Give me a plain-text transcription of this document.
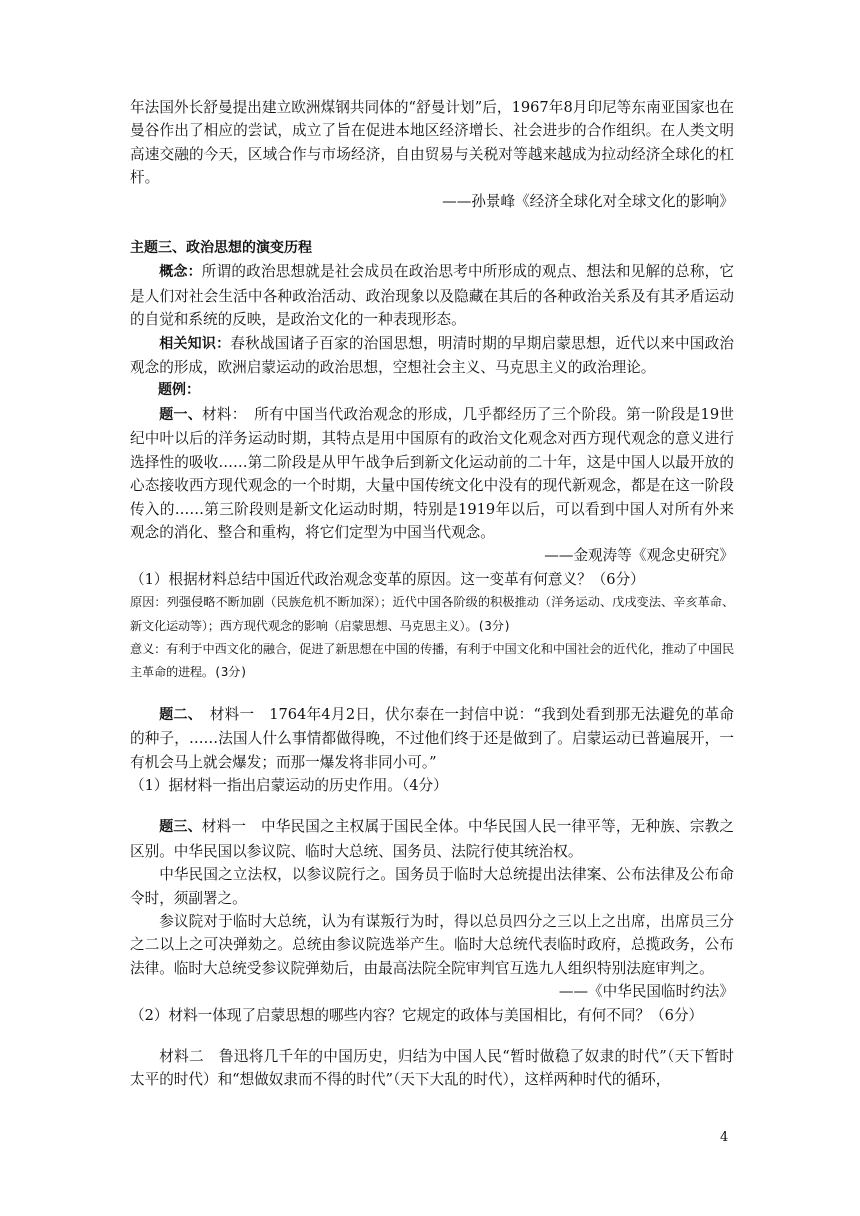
年法国外长舒曼提出建立欧洲煤钢共同体的“舒曼计划”后，1967年8月印尼等东南亚国家也在曼谷作出了相应的尝试，成立了旨在促进本地区经济增长、社会进步的合作组织。在人类文明高速交融的今天，区域合作与市场经济，自由贸易与关税对等越来越成为拉动经济全球化的杠杆。

——孙景峰《经济全球化对全球文化的影响》

主题三、政治思想的演变历程

概念：所谓的政治思想就是社会成员在政治思考中所形成的观点、想法和见解的总称，它是人们对社会生活中各种政治活动、政治现象以及隐藏在其后的各种政治关系及有其矛盾运动的自觉和系统的反映，是政治文化的一种表现形态。

相关知识：春秋战国诸子百家的治国思想，明清时期的早期启蒙思想，近代以来中国政治观念的形成，欧洲启蒙运动的政治思想，空想社会主义、马克思主义的政治理论。

题例：

题一、材料：　所有中国当代政治观念的形成，几乎都经历了三个阶段。第一阶段是19世纪中叶以后的洋务运动时期，其特点是用中国原有的政治文化观念对西方现代观念的意义进行选择性的吸收……第二阶段是从甲午战争后到新文化运动前的二十年，这是中国人以最开放的心态接收西方现代观念的一个时期，大量中国传统文化中没有的现代新观念，都是在这一阶段传入的……第三阶段则是新文化运动时期，特别是1919年以后，可以看到中国人对所有外来观念的消化、整合和重构，将它们定型为中国当代观念。

——金观涛等《观念史研究》

（1）根据材料总结中国近代政治观念变革的原因。这一变革有何意义？（6分）

原因：列强侵略不断加剧（民族危机不断加深）；近代中国各阶级的积极推动（洋务运动、戊戌变法、辛亥革命、新文化运动等）；西方现代观念的影响（启蒙思想、马克思主义）。(3分)

意义：有利于中西文化的融合，促进了新思想在中国的传播，有利于中国文化和中国社会的近代化，推动了中国民主革命的进程。(3分)

题二、　材料一　1764年4月2日，伏尔泰在一封信中说：“我到处看到那无法避免的革命的种子，……法国人什么事情都做得晚，不过他们终于还是做到了。启蒙运动已普遍展开，一有机会马上就会爆发；而那一爆发将非同小可。”

（1）据材料一指出启蒙运动的历史作用。（4分）

题三、材料一　中华民国之主权属于国民全体。中华民国人民一律平等，无种族、宗教之区别。中华民国以参议院、临时大总统、国务员、法院行使其统治权。

中华民国之立法权，以参议院行之。国务员于临时大总统提出法律案、公布法律及公布命令时，须副署之。

参议院对于临时大总统，认为有谋叛行为时，得以总员四分之三以上之出席，出席员三分之二以上之可决弹劾之。总统由参议院选举产生。临时大总统代表临时政府，总揽政务，公布法律。临时大总统受参议院弹劾后，由最高法院全院审判官互选九人组织特别法庭审判之。

——《中华民国临时约法》

（2）材料一体现了启蒙思想的哪些内容？它规定的政体与美国相比，有何不同？（6分）

材料二　鲁迅将几千年的中国历史，归结为中国人民“暂时做稳了奴隶的时代”（天下暂时太平的时代）和“想做奴隶而不得的时代”（天下大乱的时代），这样两种时代的循环，

4
